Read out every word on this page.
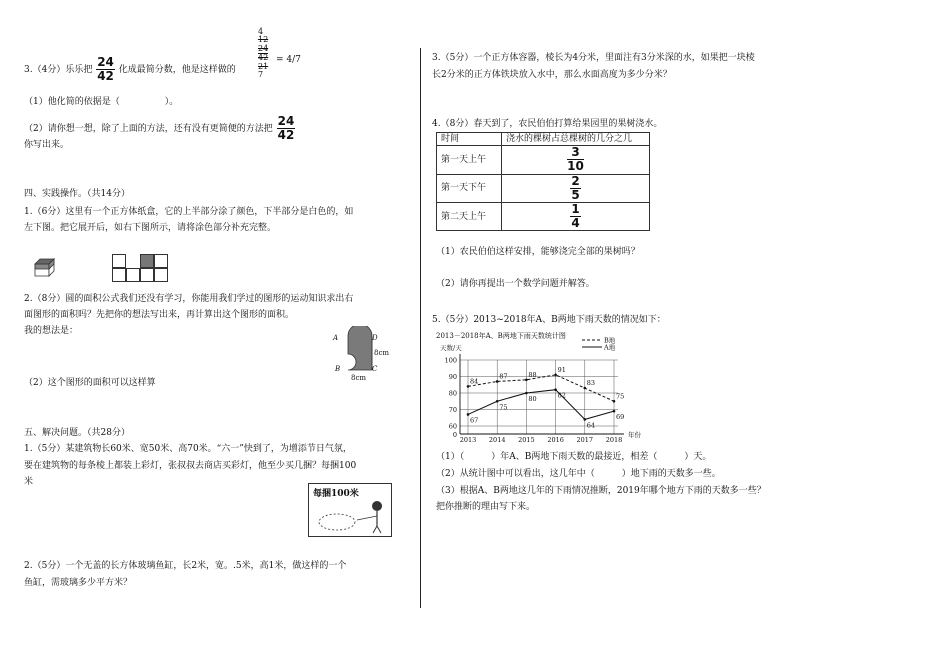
3.（4分）乐乐把 $\frac{24}{42}$ 化成最简分数，他是这样做的
4
12
24
42
21
7
= 4/7
（1）他化简的依据是（　　　　　）。
（2）请你想一想，除了上面的方法，还有没有更简便的方法把 $\frac{24}{42}$
你写出来。
四、实践操作。（共14分）
1.（6分）这里有一个正方体纸盒，它的上半部分涂了颜色，下半部分是白色的，如
左下图。把它展开后，如右下图所示，请将涂色部分补充完整。
2.（8分）圆的面积公式我们还没有学习，你能用我们学过的图形的运动知识求出右
面图形的面积吗？先把你的想法写出来，再计算出这个图形的面积。
我的想法是：
A	D
B	C
8cm
8cm
（2）这个图形的面积可以这样算
五、解决问题。（共28分）
1.（5分）某建筑物长60米、宽50米、高70米。“六一”快到了，为增添节日气氛，
要在建筑物的每条棱上都装上彩灯，张叔叔去商店买彩灯，他至少买几捆？每捆100
米
每捆100米
2.（5分）一个无盖的长方体玻璃鱼缸，长2米，宽。.5米，高1米，做这样的一个
鱼缸，需玻璃多少平方米？
3.（5分）一个正方体容器，棱长为4分米，里面注有3分米深的水，如果把一块棱
长2分米的正方体铁块放入水中，那么水面高度为多少分米？
4.（8分）春天到了，农民伯伯打算给果园里的果树浇水。
时间	浇水的棵树占总棵树的几分之几
第一天上午	$\frac{3}{10}$

第一天下午	$\frac{2}{5}$

第二天上午	$\frac{1}{4}$
（1）农民伯伯这样安排，能够浇完全部的果树吗？
（2）请你再提出一个数学问题并解答。
5.（5分）2013~2018年A、B两地下雨天数的情况如下：
2013－2018年A、B两地下雨天数统计图
天数/天
60
70
80
90
100
2013 2014 2015 2016 2017 2018
0	年份
B地
A地
84
87	88
91
83
75
67
75
80	82
64
69
（1）（　　　）年A、B两地下雨天数的最接近，相差（　　　）天。
（2）从统计图中可以看出，这几年中（　　　）地下雨的天数多一些。
（3）根据A、B两地这几年的下雨情况推断，2019年哪个地方下雨的天数多一些？
把你推断的理由写下来。
